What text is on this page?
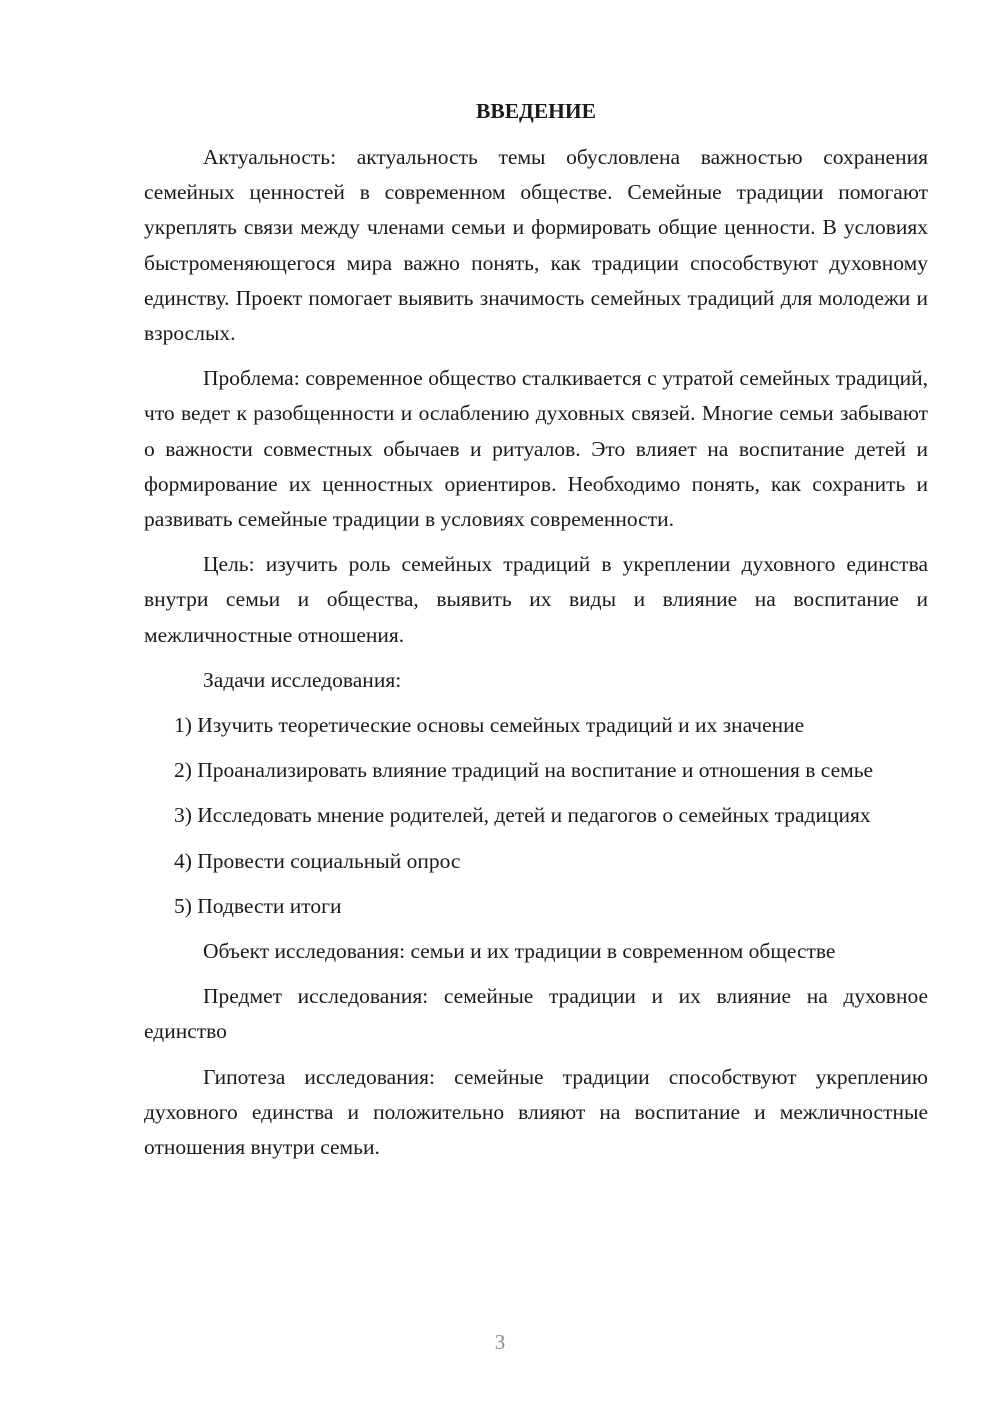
ВВЕДЕНИЕ

Актуальность: актуальность темы обусловлена важностью сохранения семейных ценностей в современном обществе. Семейные традиции помогают укреплять связи между членами семьи и формировать общие ценности. В условиях быстроменяющегося мира важно понять, как традиции способствуют духовному единству. Проект помогает выявить значимость семейных традиций для молодежи и взрослых.

Проблема: современное общество сталкивается с утратой семейных традиций, что ведет к разобщенности и ослаблению духовных связей. Многие семьи забывают о важности совместных обычаев и ритуалов. Это влияет на воспитание детей и формирование их ценностных ориентиров. Необходимо понять, как сохранить и развивать семейные традиции в условиях современности.

Цель: изучить роль семейных традиций в укреплении духовного единства внутри семьи и общества, выявить их виды и влияние на воспитание и межличностные отношения.

Задачи исследования:

1) Изучить теоретические основы семейных традиций и их значение

2) Проанализировать влияние традиций на воспитание и отношения в семье

3) Исследовать мнение родителей, детей и педагогов о семейных традициях

4) Провести социальный опрос

5) Подвести итоги

Объект исследования: семьи и их традиции в современном обществе

Предмет исследования: семейные традиции и их влияние на духовное единство

Гипотеза исследования: семейные традиции способствуют укреплению духовного единства и положительно влияют на воспитание и межличностные отношения внутри семьи.

3
